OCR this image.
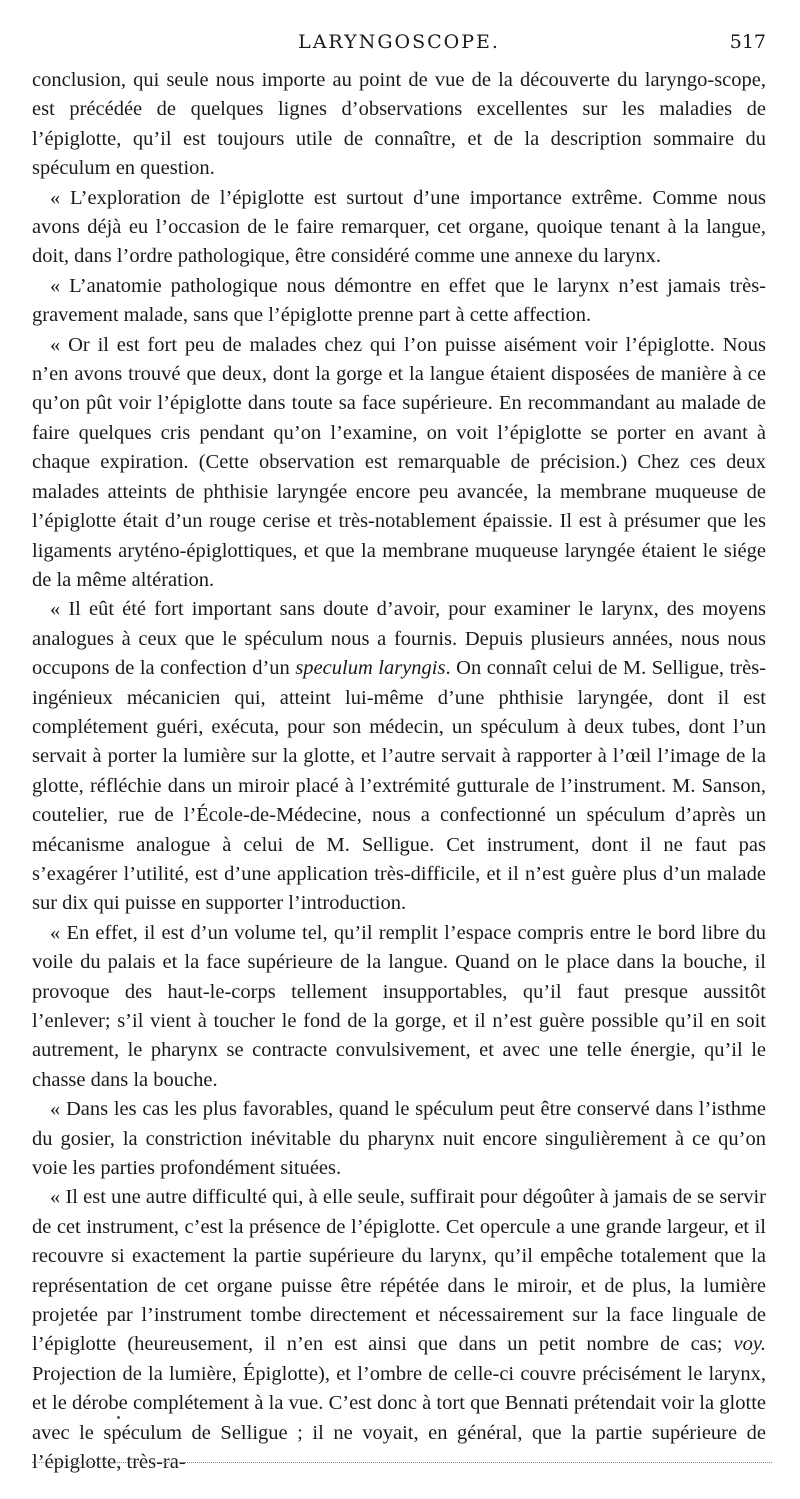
LARYNGOSCOPE.	517

conclusion, qui seule nous importe au point de vue de la découverte du laryngo-scope, est précédée de quelques lignes d’observations excellentes sur les maladies de l’épiglotte, qu’il est toujours utile de connaître, et de la description sommaire du spéculum en question.

« L’exploration de l’épiglotte est surtout d’une importance extrême. Comme nous avons déjà eu l’occasion de le faire remarquer, cet organe, quoique tenant à la langue, doit, dans l’ordre pathologique, être considéré comme une annexe du larynx.

« L’anatomie pathologique nous démontre en effet que le larynx n’est jamais très-gravement malade, sans que l’épiglotte prenne part à cette affection.

« Or il est fort peu de malades chez qui l’on puisse aisément voir l’épiglotte. Nous n’en avons trouvé que deux, dont la gorge et la langue étaient disposées de manière à ce qu’on pût voir l’épiglotte dans toute sa face supérieure. En recommandant au malade de faire quelques cris pendant qu’on l’examine, on voit l’épiglotte se porter en avant à chaque expiration. (Cette observation est remarquable de précision.) Chez ces deux malades atteints de phthisie laryngée encore peu avancée, la membrane muqueuse de l’épiglotte était d’un rouge cerise et très-notablement épaissie. Il est à présumer que les ligaments aryténo-épiglottiques, et que la membrane muqueuse laryngée étaient le siége de la même altération.

« Il eût été fort important sans doute d’avoir, pour examiner le larynx, des moyens analogues à ceux que le spéculum nous a fournis. Depuis plusieurs années, nous nous occupons de la confection d’un speculum laryngis. On connaît celui de M. Selligue, très-ingénieux mécanicien qui, atteint lui-même d’une phthisie laryngée, dont il est complétement guéri, exécuta, pour son médecin, un spéculum à deux tubes, dont l’un servait à porter la lumière sur la glotte, et l’autre servait à rapporter à l’œil l’image de la glotte, réfléchie dans un miroir placé à l’extrémité gutturale de l’instrument. M. Sanson, coutelier, rue de l’École-de-Médecine, nous a confectionné un spéculum d’après un mécanisme analogue à celui de M. Selligue. Cet instrument, dont il ne faut pas s’exagérer l’utilité, est d’une application très-difficile, et il n’est guère plus d’un malade sur dix qui puisse en supporter l’introduction.

« En effet, il est d’un volume tel, qu’il remplit l’espace compris entre le bord libre du voile du palais et la face supérieure de la langue. Quand on le place dans la bouche, il provoque des haut-le-corps tellement insupportables, qu’il faut presque aussitôt l’enlever; s’il vient à toucher le fond de la gorge, et il n’est guère possible qu’il en soit autrement, le pharynx se contracte convulsivement, et avec une telle énergie, qu’il le chasse dans la bouche.

« Dans les cas les plus favorables, quand le spéculum peut être conservé dans l’isthme du gosier, la constriction inévitable du pharynx nuit encore singulièrement à ce qu’on voie les parties profondément situées.

« Il est une autre difficulté qui, à elle seule, suffirait pour dégoûter à jamais de se servir de cet instrument, c’est la présence de l’épiglotte. Cet opercule a une grande largeur, et il recouvre si exactement la partie supérieure du larynx, qu’il empêche totalement que la représentation de cet organe puisse être répétée dans le miroir, et de plus, la lumière projetée par l’instrument tombe directement et nécessairement sur la face linguale de l’épiglotte (heureusement, il n’en est ainsi que dans un petit nombre de cas; voy. Projection de la lumière, Épiglotte), et l’ombre de celle-ci couvre précisément le larynx, et le dérobe complétement à la vue. C’est donc à tort que Bennati prétendait voir la glotte avec le spéculum de Selligue ; il ne voyait, en général, que la partie supérieure de l’épiglotte, très-ra-
